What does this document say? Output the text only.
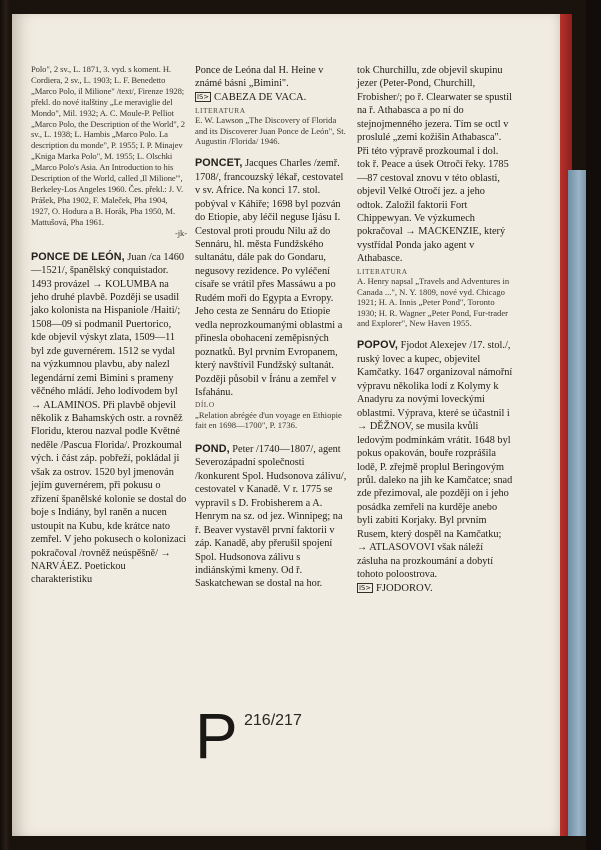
Polo", 2 sv., L. 1871, 3. vyd. s koment. H. Cordiera, 2 sv., L. 1903; L. F. Benedetto „Marco Polo, il Milione" /text/, Firenze 1928; překl. do nové italštiny „Le meraviglie del Mondo", Mil. 1932; A. C. Moule-P. Pelliot „Marco Polo, the Description of the World", 2 sv., L. 1938; L. Hambis „Marco Polo. La description du monde", P. 1955; I. P. Minajev „Kniga Marka Polo", M. 1955; L. Olschki „Marco Polo's Asia. An Introduction to his Description of the World, called ,Il Milione'", Berkeley-Los Angeles 1960. Čes. překl.: J. V. Prášek, Pha 1902, F. Maleček, Pha 1904, 1927, O. Hodura a B. Horák, Pha 1950, M. Mattušová, Pha 1961.
-jk-

PONCE DE LEÓN, Juan /ca 1460—1521/, španělský conquistador. 1493 provázel → KOLUMBA na jeho druhé plavbě. Později se usadil jako kolonista na Hispaniole /Haiti/; 1508—09 si podmanil Puertorico, kde objevil výskyt zlata, 1509—11 byl zde guvernérem. 1512 se vydal na výzkumnou plavbu, aby nalezl legendární zemi Bimini s prameny věčného mládí. Jeho lodivodem byl → ALAMINOS. Při plavbě objevil několik z Bahamských ostr. a rovněž Floridu, kterou nazval podle Květné neděle /Pascua Florida/. Prozkoumal vých. i část záp. pobřeží, pokládal ji však za ostrov. 1520 byl jmenován jejím guvernérem, při pokusu o zřízení španělské kolonie se dostal do boje s Indiány, byl raněn a nucen ustoupit na Kubu, kde krátce nato zemřel. V jeho pokusech o kolonizaci pokračoval /rovněž neúspěšně/ → NARVÁEZ. Poetickou charakteristiku

Ponce de Leóna dal H. Heine v známé básni „Bimini".

IS> CABEZA DE VACA.
LITERATURA
E. W. Lawson „The Discovery of Florida and its Discoverer Juan Ponce de León", St. Augustin /Florida/ 1946.

PONCET, Jacques Charles /zemř. 1708/, francouzský lékař, cestovatel v sv. Africe. Na konci 17. stol. pobýval v Káhiře; 1698 byl pozván do Etiopie, aby léčil neguse Ijásu I. Cestoval proti proudu Nilu až do Sennáru, hl. města Fundžského sultanátu, dále pak do Gondaru, negusovy rezidence. Po vyléčení císaře se vrátil přes Massáwu a po Rudém moři do Egypta a Evropy. Jeho cesta ze Sennáru do Etiopie vedla neprozkoumanými oblastmi a přinesla obohacení zeměpisných poznatků. Byl prvním Evropanem, který navštívil Fundžský sultanát. Později působil v Íránu a zemřel v Isfahánu.

DÍLO
„Relation abrégée d'un voyage en Ethiopie fait en 1698—1700", P. 1736.

POND, Peter /1740—1807/, agent Severozápadní společnosti /konkurent Spol. Hudsonova zálivu/, cestovatel v Kanadě. V r. 1775 se vypravil s D. Frobisherem a A. Henrym na sz. od jez. Winnipeg; na ř. Beaver vystavěl první faktorii v záp. Kanadě, aby přerušil spojení Spol. Hudsonova zálivu s indiánskými kmeny. Od ř. Saskatchewan se dostal na hor.

tok Churchillu, zde objevil skupinu jezer (Peter-Pond, Churchill, Frobisher/; po ř. Clearwater se spustil na ř. Athabasca a po ní do stejnojmenného jezera. Tím se octl v proslulé „zemi kožišin Athabasca". Při této výpravě prozkoumal i dol. tok ř. Peace a úsek Otročí řeky. 1785—87 cestoval znovu v této oblasti, objevil Velké Otročí jez. a jeho odtok. Založil faktorii Fort Chippewyan. Ve výzkumech pokračoval → MACKENZIE, který vystřídal Ponda jako agent v Athabasce.

LITERATURA
A. Henry napsal „Travels and Adventures in Canada ...", N. Y. 1809, nové vyd. Chicago 1921; H. A. Innis „Peter Pond", Toronto 1930; H. R. Wagner „Peter Pond, Fur-trader and Explorer", New Haven 1955.

POPOV, Fjodot Alexejev /17. stol./, ruský lovec a kupec, objevitel Kamčatky. 1647 organizoval námořní výpravu několika lodí z Kolymy k Anadyru za novými loveckými oblastmi. Výprava, které se účastnil i → DĚŽNOV, se musila kvůli ledovým podmínkám vrátit. 1648 byl pokus opakován, bouře rozprášila lodě, P. zřejmě proplul Beringovým průl. daleko na jih ke Kamčatce; snad zde přezimoval, ale později on i jeho posádka zemřeli na kurděje anebo byli zabiti Korjaky. Byl prvním Rusem, který dospěl na Kamčatku; → ATLASOVOVI však náleží zásluha na prozkoumání a dobytí tohoto poloostrova.

IS> FJODOROV.
P 216/217
